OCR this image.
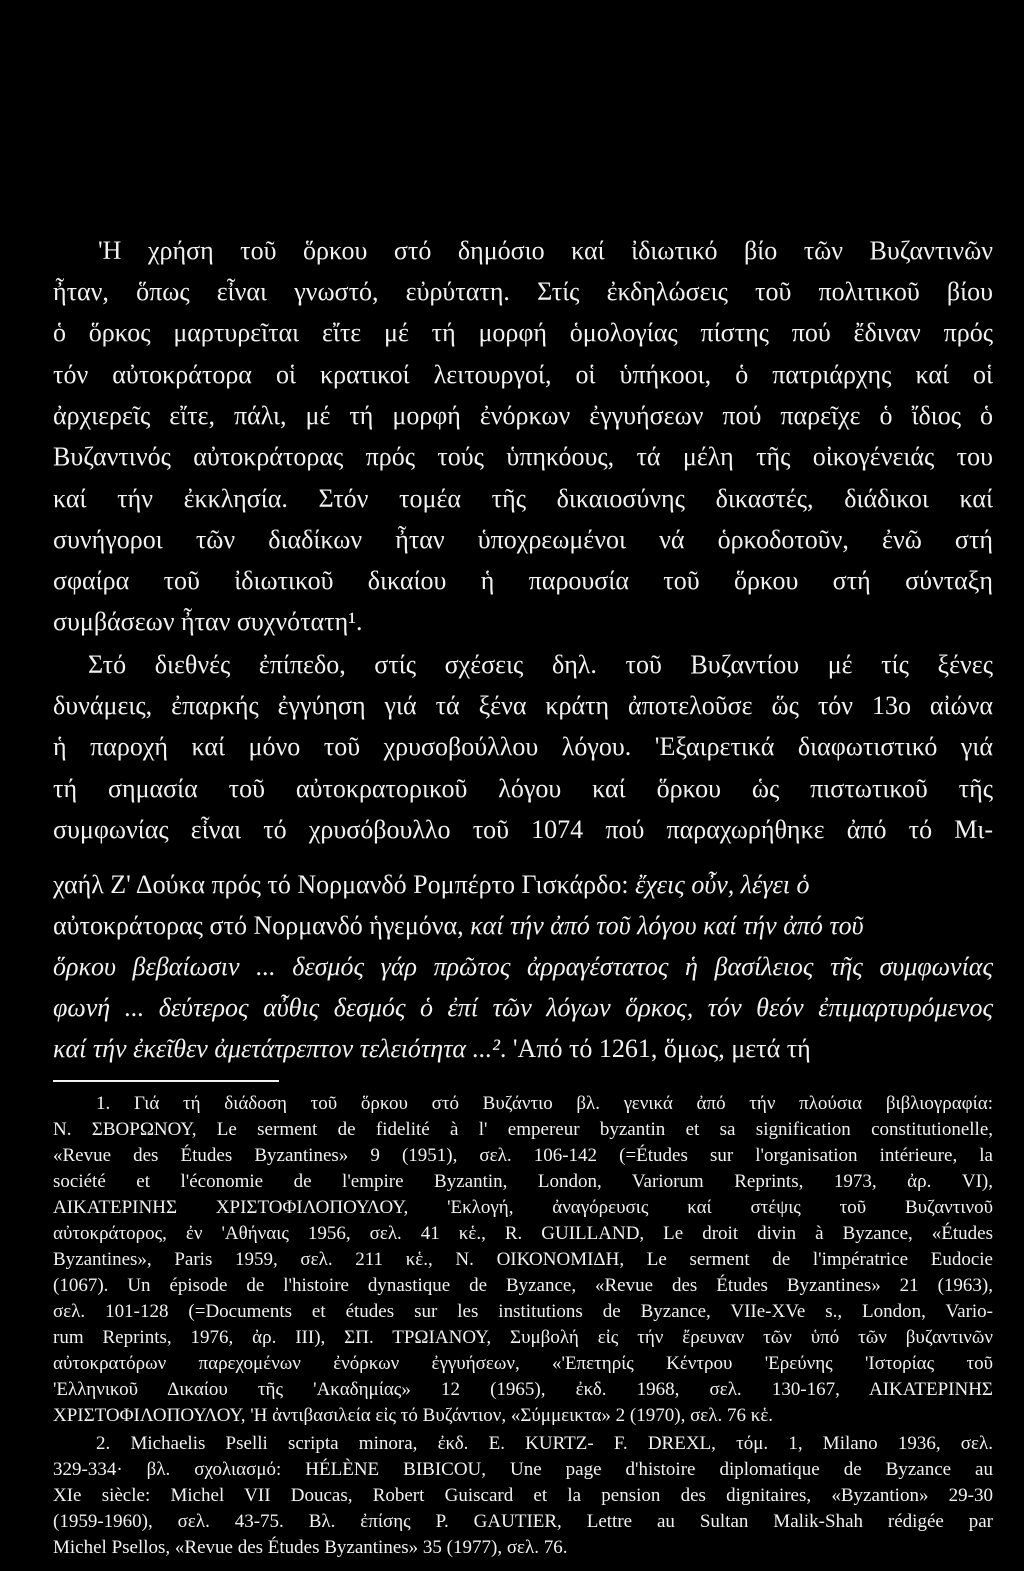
'Η χρήση τοῦ ὅρκου στό δημόσιο καί ἰδιωτικό βίο τῶν Βυζαντινῶν
ἦταν, ὅπως εἶναι γνωστό, εὐρύτατη. Στίς ἐκδηλώσεις τοῦ πολιτικοῦ βίου
ὁ ὅρκος μαρτυρεῖται εἴτε μέ τή μορφή ὁμολογίας πίστης πού ἔδιναν πρός
τόν αὐτοκράτορα οἱ κρατικοί λειτουργοί, οἱ ὑπήκοοι, ὁ πατριάρχης καί οἱ
ἀρχιερεῖς εἴτε, πάλι, μέ τή μορφή ἐνόρκων ἐγγυήσεων πού παρεῖχε ὁ ἴδιος ὁ
Βυζαντινός αὐτοκράτορας πρός τούς ὑπηκόους, τά μέλη τῆς οἰκογένειάς του
καί τήν ἐκκλησία. Στόν τομέα τῆς δικαιοσύνης δικαστές, διάδικοι καί
συνήγοροι τῶν διαδίκων ἦταν ὑποχρεωμένοι νά ὁρκοδοτοῦν, ἐνῶ στή
σφαίρα τοῦ ἰδιωτικοῦ δικαίου ἡ παρουσία τοῦ ὅρκου στή σύνταξη
συμβάσεων ἦταν συχνότατη¹.
Στό διεθνές ἐπίπεδο, στίς σχέσεις δηλ. τοῦ Βυζαντίου μέ τίς ξένες
δυνάμεις, ἐπαρκής ἐγγύηση γιά τά ξένα κράτη ἀποτελοῦσε ὥς τόν 13ο αἰώνα
ἡ παροχή καί μόνο τοῦ χρυσοβούλλου λόγου. 'Εξαιρετικά διαφωτιστικό γιά
τή σημασία τοῦ αὐτοκρατορικοῦ λόγου καί ὅρκου ὡς πιστωτικοῦ τῆς
συμφωνίας εἶναι τό χρυσόβουλλο τοῦ 1074 πού παραχωρήθηκε ἀπό τό Μι-
χαήλ Ζ' Δούκα πρός τό Νορμανδό Ρομπέρτο Γισκάρδο: ἔχεις οὖν, λέγει ὁ
αὐτοκράτορας στό Νορμανδό ἡγεμόνα, καί τήν ἀπό τοῦ λόγου καί τήν ἀπό τοῦ
ὅρκου βεβαίωσιν ... δεσμός γάρ πρῶτος ἀρραγέστατος ἡ βασίλειος τῆς συμφωνίας
φωνή ... δεύτερος αὖθις δεσμός ὁ ἐπί τῶν λόγων ὅρκος, τόν θεόν ἐπιμαρτυρόμενος
καί τήν ἐκεῖθεν ἀμετάτρεπτον τελειότητα ...². 'Από τό 1261, ὅμως, μετά τή
1. Γιά τή διάδοση τοῦ ὅρκου στό Βυζάντιο βλ. γενικά ἀπό τήν πλούσια βιβλιογραφία:
N. ΣΒΟΡΩΝΟΥ, Le serment de fidelité à l' empereur byzantin et sa signification constitutionelle,
«Revue des Études Byzantines» 9 (1951), σελ. 106-142 (=Études sur l'organisation intérieure, la
société et l'économie de l'empire Byzantin, London, Variorum Reprints, 1973, ἀρ. VI),
ΑΙΚΑΤΕΡΙΝΗΣ ΧΡΙΣΤΟΦΙΛΟΠΟΥΛΟΥ, 'Εκλογή, ἀναγόρευσις καί στέψις τοῦ Βυζαντινοῦ
αὐτοκράτορος, ἐν 'Αθήναις 1956, σελ. 41 κἑ., R. GUILLAND, Le droit divin à Byzance, «Études
Byzantines», Paris 1959, σελ. 211 κἑ., Ν. ΟΙΚΟΝΟΜΙΔΗ, Le serment de l'impératrice Eudocie
(1067). Un épisode de l'histoire dynastique de Byzance, «Revue des Études Byzantines» 21 (1963),
σελ. 101-128 (=Documents et études sur les institutions de Byzance, VIIe-XVe s., London, Vario-
rum Reprints, 1976, ἀρ. III), ΣΠ. ΤΡΩΙΑΝΟΥ, Συμβολή εἰς τήν ἔρευναν τῶν ὑπό τῶν βυζαντινῶν
αὐτοκρατόρων παρεχομένων ἐνόρκων ἐγγυήσεων, «'Επετηρίς Κέντρου 'Ερεύνης 'Ιστορίας τοῦ
'Ελληνικοῦ Δικαίου τῆς 'Ακαδημίας» 12 (1965), ἐκδ. 1968, σελ. 130-167, ΑΙΚΑΤΕΡΙΝΗΣ
ΧΡΙΣΤΟΦΙΛΟΠΟΥΛΟΥ, 'Η ἀντιβασιλεία εἰς τό Βυζάντιον, «Σύμμεικτα» 2 (1970), σελ. 76 κἑ.
2. Michaelis Pselli scripta minora, ἐκδ. E. KURTZ- F. DREXL, τόμ. 1, Milano 1936, σελ.
329-334· βλ. σχολιασμό: HÉLÈNE BIBICOU, Une page d'histoire diplomatique de Byzance au
XIe siècle: Michel VII Doucas, Robert Guiscard et la pension des dignitaires, «Byzantion» 29-30
(1959-1960), σελ. 43-75. Βλ. ἐπίσης P. GAUTIER, Lettre au Sultan Malik-Shah rédigée par
Michel Psellos, «Revue des Études Byzantines» 35 (1977), σελ. 76.
